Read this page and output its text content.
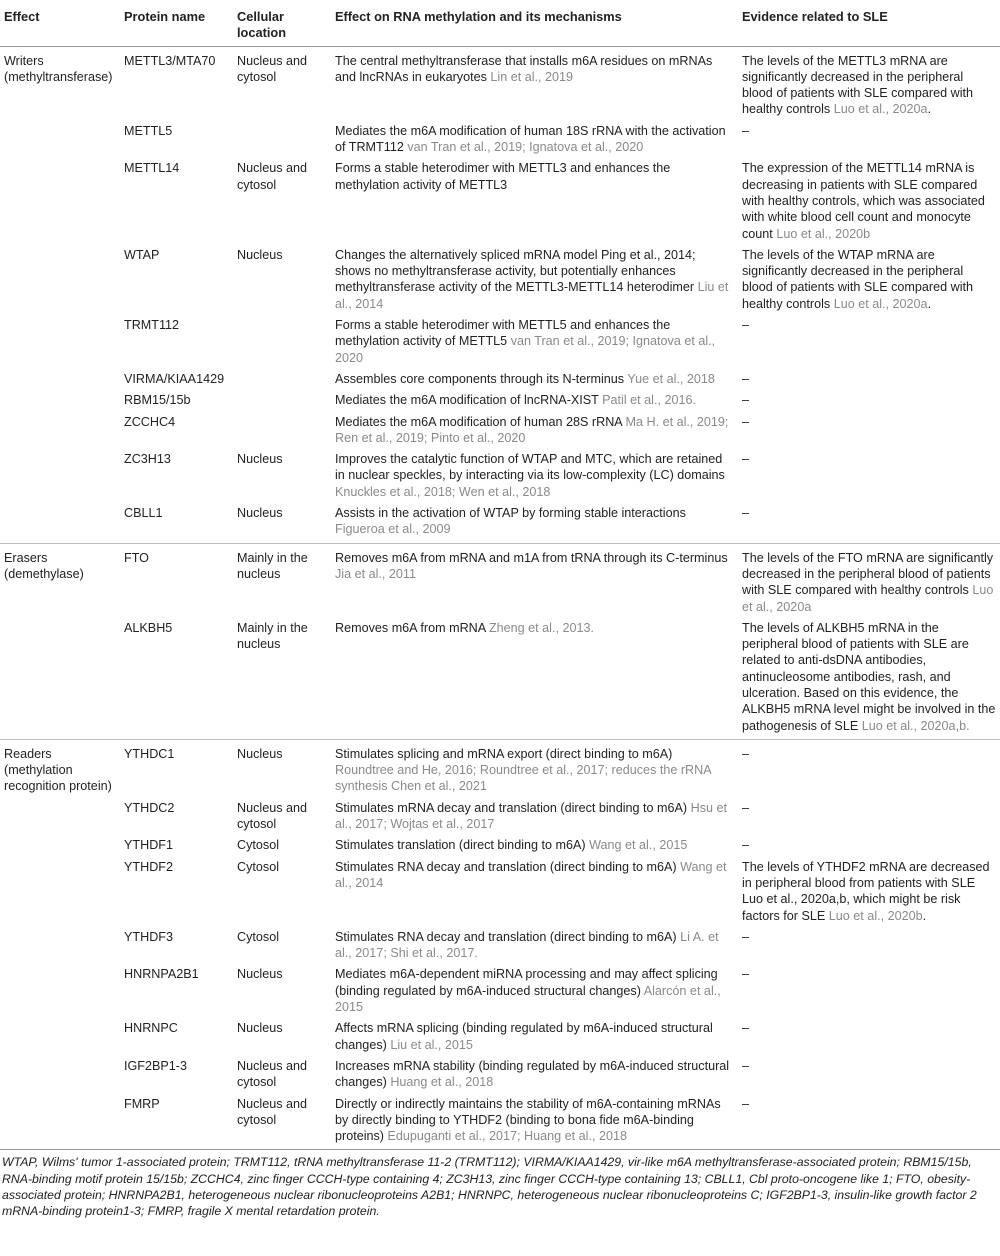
Effect	Protein name	Cellular location	Effect on RNA methylation and its mechanisms	Evidence related to SLE
Writers (methyltransferase)	METTL3/MTA70	Nucleus and cytosol	The central methyltransferase that installs m6A residues on mRNAs and lncRNAs in eukaryotes Lin et al., 2019	The levels of the METTL3 mRNA are significantly decreased in the peripheral blood of patients with SLE compared with healthy controls Luo et al., 2020a.
	METTL5		Mediates the m6A modification of human 18S rRNA with the activation of TRMT112 van Tran et al., 2019; Ignatova et al., 2020	–
	METTL14	Nucleus and cytosol	Forms a stable heterodimer with METTL3 and enhances the methylation activity of METTL3	The expression of the METTL14 mRNA is decreasing in patients with SLE compared with healthy controls, which was associated with white blood cell count and monocyte count Luo et al., 2020b
	WTAP	Nucleus	Changes the alternatively spliced mRNA model Ping et al., 2014; shows no methyltransferase activity, but potentially enhances methyltransferase activity of the METTL3-METTL14 heterodimer Liu et al., 2014	The levels of the WTAP mRNA are significantly decreased in the peripheral blood of patients with SLE compared with healthy controls Luo et al., 2020a.
	TRMT112		Forms a stable heterodimer with METTL5 and enhances the methylation activity of METTL5 van Tran et al., 2019; Ignatova et al., 2020	–
	VIRMA/KIAA1429		Assembles core components through its N-terminus Yue et al., 2018	–
	RBM15/15b		Mediates the m6A modification of lncRNA-XIST Patil et al., 2016.	–
	ZCCHC4		Mediates the m6A modification of human 28S rRNA Ma H. et al., 2019; Ren et al., 2019; Pinto et al., 2020	–
	ZC3H13	Nucleus	Improves the catalytic function of WTAP and MTC, which are retained in nuclear speckles, by interacting via its low-complexity (LC) domains Knuckles et al., 2018; Wen et al., 2018	–
	CBLL1	Nucleus	Assists in the activation of WTAP by forming stable interactions Figueroa et al., 2009	–
Erasers (demethylase)	FTO	Mainly in the nucleus	Removes m6A from mRNA and m1A from tRNA through its C-terminus Jia et al., 2011	The levels of the FTO mRNA are significantly decreased in the peripheral blood of patients with SLE compared with healthy controls Luo et al., 2020a
	ALKBH5	Mainly in the nucleus	Removes m6A from mRNA Zheng et al., 2013.	The levels of ALKBH5 mRNA in the peripheral blood of patients with SLE are related to anti-dsDNA antibodies, antinucleosome antibodies, rash, and ulceration. Based on this evidence, the ALKBH5 mRNA level might be involved in the pathogenesis of SLE Luo et al., 2020a,b.
Readers (methylation recognition protein)	YTHDC1	Nucleus	Stimulates splicing and mRNA export (direct binding to m6A) Roundtree and He, 2016; Roundtree et al., 2017; reduces the rRNA synthesis Chen et al., 2021	–
	YTHDC2	Nucleus and cytosol	Stimulates mRNA decay and translation (direct binding to m6A) Hsu et al., 2017; Wojtas et al., 2017	–
	YTHDF1	Cytosol	Stimulates translation (direct binding to m6A) Wang et al., 2015	–
	YTHDF2	Cytosol	Stimulates RNA decay and translation (direct binding to m6A) Wang et al., 2014	The levels of YTHDF2 mRNA are decreased in peripheral blood from patients with SLE Luo et al., 2020a,b, which might be risk factors for SLE Luo et al., 2020b.
	YTHDF3	Cytosol	Stimulates RNA decay and translation (direct binding to m6A) Li A. et al., 2017; Shi et al., 2017.	–
	HNRNPA2B1	Nucleus	Mediates m6A-dependent miRNA processing and may affect splicing (binding regulated by m6A-induced structural changes) Alarcón et al., 2015	–
	HNRNPC	Nucleus	Affects mRNA splicing (binding regulated by m6A-induced structural changes) Liu et al., 2015	–
	IGF2BP1-3	Nucleus and cytosol	Increases mRNA stability (binding regulated by m6A-induced structural changes) Huang et al., 2018	–
	FMRP	Nucleus and cytosol	Directly or indirectly maintains the stability of m6A-containing mRNAs by directly binding to YTHDF2 (binding to bona fide m6A-binding proteins) Edupuganti et al., 2017; Huang et al., 2018	–
WTAP, Wilms' tumor 1-associated protein; TRMT112, tRNA methyltransferase 11-2 (TRMT112); VIRMA/KIAA1429, vir-like m6A methyltransferase-associated protein; RBM15/15b, RNA-binding motif protein 15/15b; ZCCHC4, zinc finger CCCH-type containing 4; ZC3H13, zinc finger CCCH-type containing 13; CBLL1, Cbl proto-oncogene like 1; FTO, obesity-associated protein; HNRNPA2B1, heterogeneous nuclear ribonucleoproteins A2B1; HNRNPC, heterogeneous nuclear ribonucleoproteins C; IGF2BP1-3, insulin-like growth factor 2 mRNA-binding protein1-3; FMRP, fragile X mental retardation protein.
